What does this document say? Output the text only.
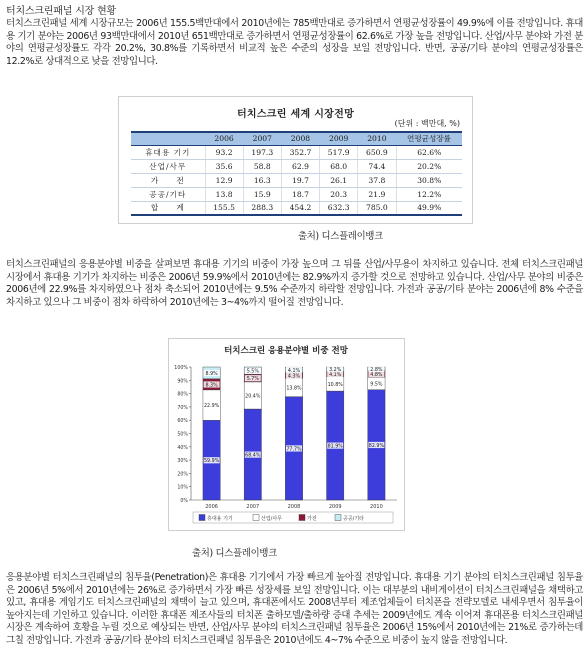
터치스크린패널 시장 현황

터치스크린패널 세계 시장규모는 2006년 155.5백만대에서 2010년에는 785백만대로 증가하면서 연평균성장률이 49.9%에 이를 전망입니다. 휴대용 기기 분야는 2006년 93백만대에서 2010년 651백만대로 증가하면서 연평균성장률이 62.6%로 가장 높을 전망입니다. 산업/사무 분야와 가전 분야의 연평균성장률도 각각 20.2%, 30.8%를 기록하면서 비교적 높은 수준의 성장을 보일 전망입니다. 반면, 공공/기타 분야의 연평균성장률은 12.2%로 상대적으로 낮을 전망입니다.

터치스크린 세계 시장전망
(단위 : 백만대, %)
	2006	2007	2008	2009	2010	연평균성장률
휴대용 기기	93.2	197.3	352.7	517.9	650.9	62.6%
산업/사무	35.6	58.8	62.9	68.0	74.4	20.2%
가　　전	12.9	16.3	19.7	26.1	37.8	30.8%
공공/기타	13.8	15.9	18.7	20.3	21.9	12.2%
합　　계	155.5	288.3	454.2	632.3	785.0	49.9%
출처) 디스플레이뱅크

터치스크린패널의 응용분야별 비중을 살펴보면 휴대용 기기의 비중이 가장 높으며 그 뒤를 산업/사무용이 차지하고 있습니다. 전체 터치스크린패널 시장에서 휴대용 기기가 차지하는 비중은 2006년 59.9%에서 2010년에는 82.9%까지 증가할 것으로 전망하고 있습니다. 산업/사무 분야의 비중은 2006년에 22.9%를 차지하였으나 점차 축소되어 2010년에는 9.5% 수준까지 하락할 전망입니다. 가전과 공공/기타 분야는 2006년에 8% 수준을 차지하고 있으나 그 비중이 점차 하락하여 2010년에는 3~4%까지 떨어질 전망입니다.

터치스크린 응용분야별 비중 전망
0%
10%
20%
30%
40%
50%
60%
70%
80%
90%
100%
59.9%
22.9%
8.3%
8.9%
2006
68.4%
20.4%
5.7%
5.5%
2007
77.7%
13.8%
4.3%
4.1%
2008
81.9%
10.8%
4.1%
3.2%
2009
82.9%
9.5%
4.8%
2.8%
2010
휴대용 기기	산업/사무	가전	공공/기타
출처) 디스플레이뱅크

응용분야별 터치스크린패널의 침투율(Penetration)은 휴대용 기기에서 가장 빠르게 높아질 전망입니다. 휴대용 기기 분야의 터치스크린패널 침투율은 2006년 5%에서 2010년에는 26%로 증가하면서 가장 빠른 성장세를 보일 전망입니다. 이는 대부분의 내비게이션이 터치스크린패널을 채택하고 있고, 휴대용 게임기도 터치스크린패널의 채택이 늘고 있으며, 휴대폰에서도 2008년부터 제조업체들이 터치폰을 전략모델로 내세우면서 침투율이 높아지는데 기인하고 있습니다. 이러한 휴대폰 제조사들의 터치폰 출하모델/출하량 증대 추세는 2009년에도 계속 이어져 휴대폰용 터치스크린패널 시장은 계속하여 호황을 누릴 것으로 예상되는 반면, 산업/사무 분야의 터치스크린패널 침투율은 2006년 15%에서 2010년에는 21%로 증가하는데 그칠 전망입니다. 가전과 공공/기타 분야의 터치스크린패널 침투율은 2010년에도 4~7% 수준으로 비중이 높지 않을 전망입니다.
